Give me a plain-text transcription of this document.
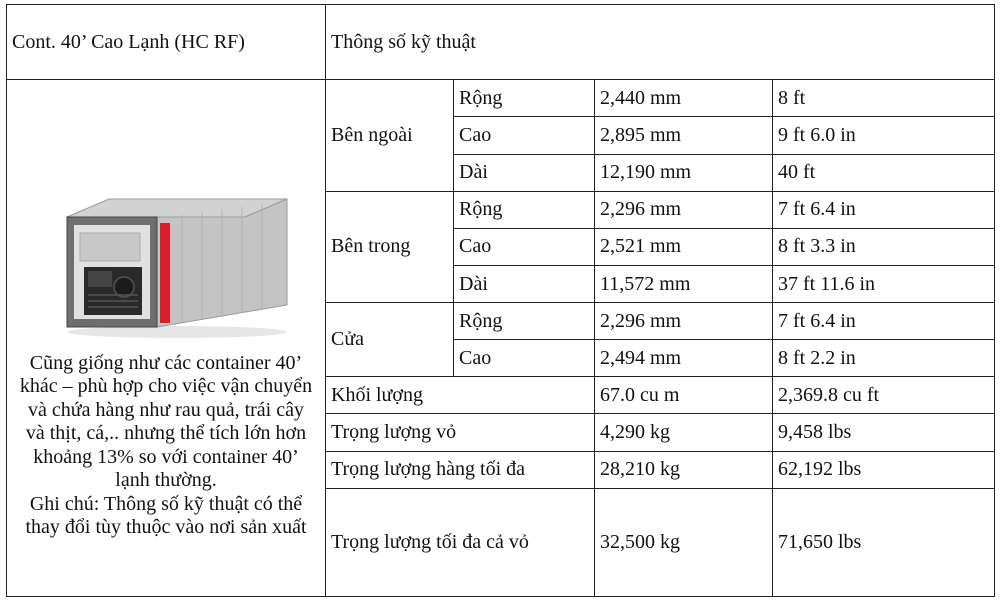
Cont. 40’ Cao Lạnh (HC RF)	Thông số kỹ thuật			

Cũng giống như các container 40’ khác – phù hợp cho việc vận chuyển và chứa hàng như rau quả, trái cây và thịt, cá,.. nhưng thể tích lớn hơn khoảng 13% so với container 40’ lạnh thường.
Ghi chú: Thông số kỹ thuật có thể thay đổi tùy thuộc vào nơi sản xuất	Bên ngoài	Rộng	2,440 mm	8 ft
		Cao	2,895 mm	9 ft 6.0 in
		Dài	12,190 mm	40 ft
	Bên trong	Rộng	2,296 mm	7 ft 6.4 in
		Cao	2,521 mm	8 ft 3.3 in
		Dài	11,572 mm	37 ft 11.6 in
	Cửa	Rộng	2,296 mm	7 ft 6.4 in
		Cao	2,494 mm	8 ft 2.2 in
	Khối lượng		67.0 cu m	2,369.8 cu ft
	Trọng lượng vỏ		4,290 kg	9,458 lbs
	Trọng lượng hàng tối đa		28,210 kg	62,192 lbs
	Trọng lượng tối đa cả vỏ		32,500 kg	71,650 lbs
